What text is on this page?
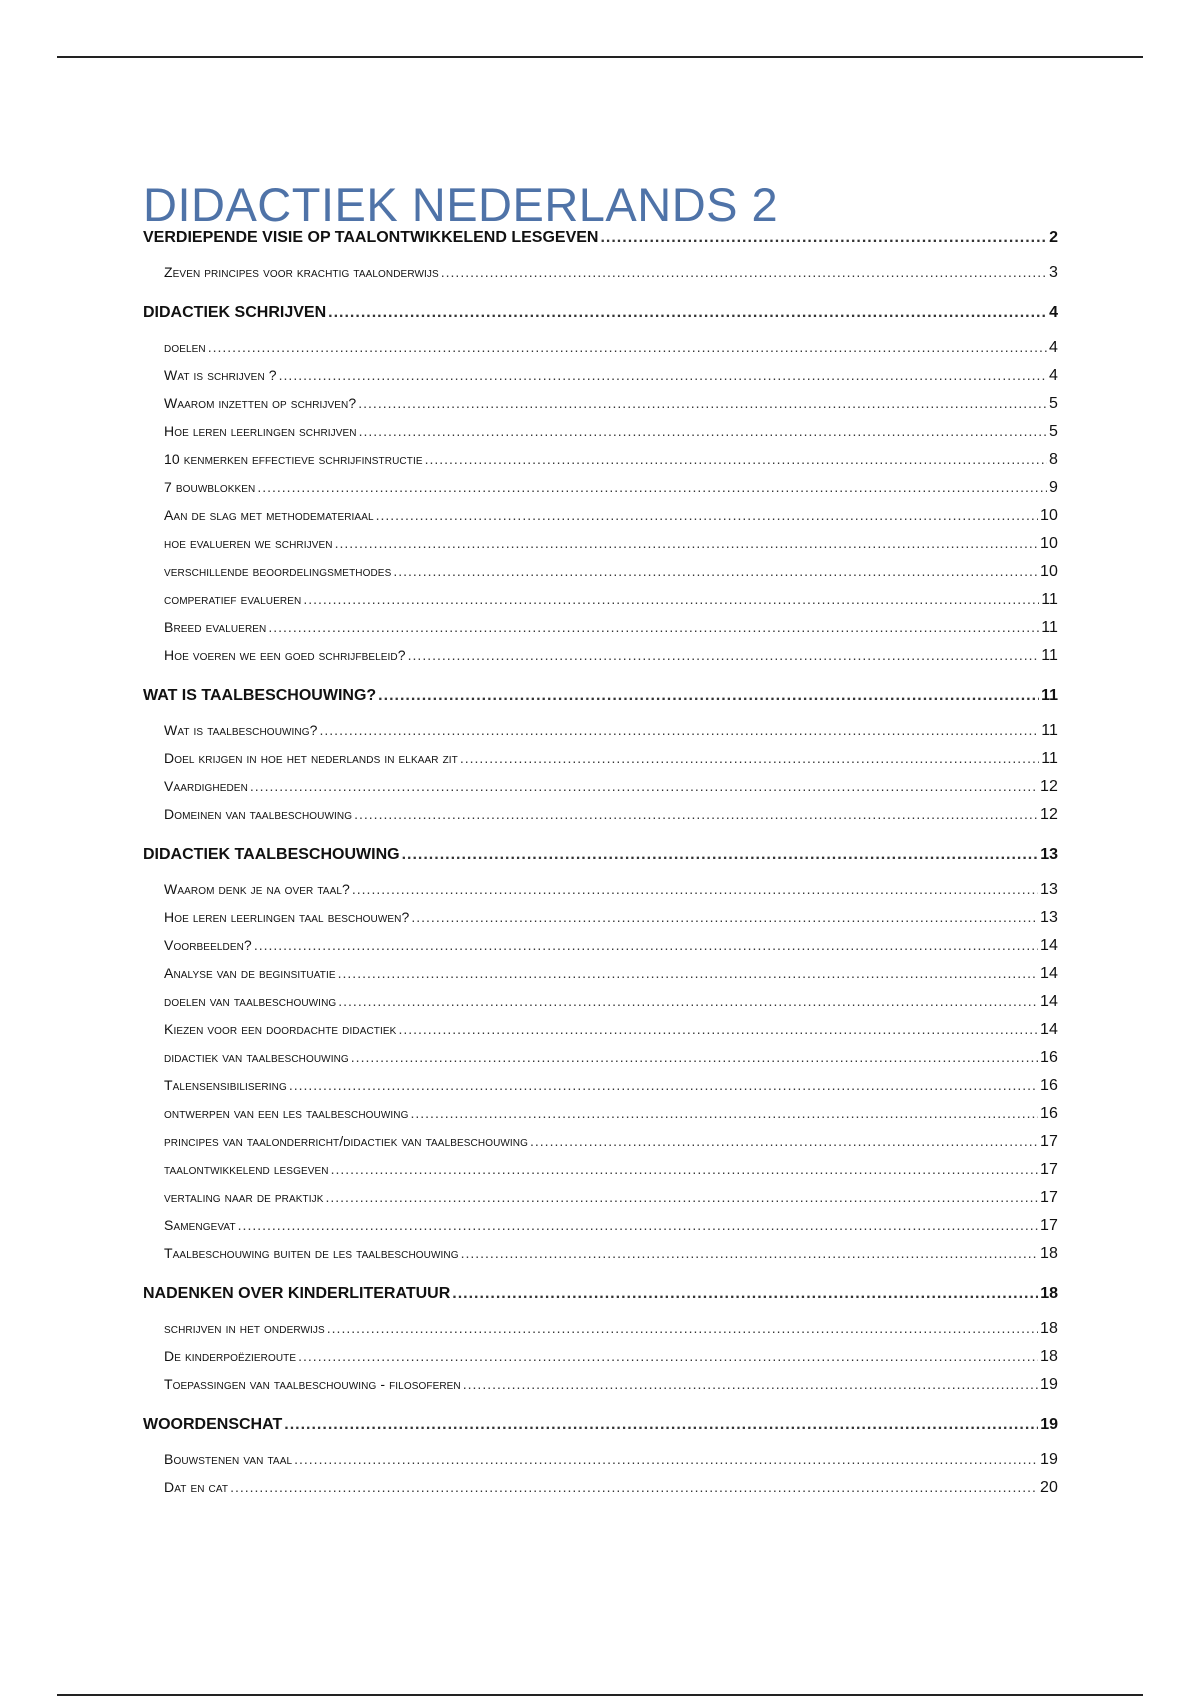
DIDACTIEK NEDERLANDS 2
VERDIEPENDE VISIE OP TAALONTWIKKELEND LESGEVEN .....	2
Zeven principes voor krachtig taalonderwijs .....	3
DIDACTIEK SCHRIJVEN .....	4
doelen .....	4
Wat is schrijven ? .....	4
Waarom inzetten op schrijven? .....	5
Hoe leren leerlingen schrijven .....	5
10 kenmerken effectieve schrijfinstructie .....	8
7 bouwblokken .....	9
Aan de slag met methodemateriaal .....	10
hoe evalueren we schrijven .....	10
verschillende beoordelingsmethodes .....	10
comperatief evalueren .....	11
Breed evalueren .....	11
Hoe voeren we een goed schrijfbeleid? .....	11
WAT IS TAALBESCHOUWING? .....	11
Wat is taalbeschouwing? .....	11
Doel krijgen in hoe het nederlands in elkaar zit .....	11
Vaardigheden .....	12
Domeinen van taalbeschouwing .....	12
DIDACTIEK TAALBESCHOUWING .....	13
Waarom denk je na over taal? .....	13
Hoe leren leerlingen taal beschouwen? .....	13
Voorbeelden? .....	14
Analyse van de beginsituatie .....	14
doelen van taalbeschouwing .....	14
Kiezen voor een doordachte didactiek .....	14
didactiek van taalbeschouwing .....	16
Talensensibilisering .....	16
ontwerpen van een les taalbeschouwing .....	16
principes van taalonderricht/didactiek van taalbeschouwing .....	17
taalontwikkelend lesgeven .....	17
vertaling naar de praktijk .....	17
Samengevat .....	17
Taalbeschouwing buiten de les taalbeschouwing .....	18
NADENKEN OVER KINDERLITERATUUR .....	18
schrijven in het onderwijs .....	18
De kinderpoëzieroute .....	18
Toepassingen van taalbeschouwing - filosoferen .....	19
WOORDENSCHAT .....	19
Bouwstenen van taal .....	19
Dat en cat .....	20
